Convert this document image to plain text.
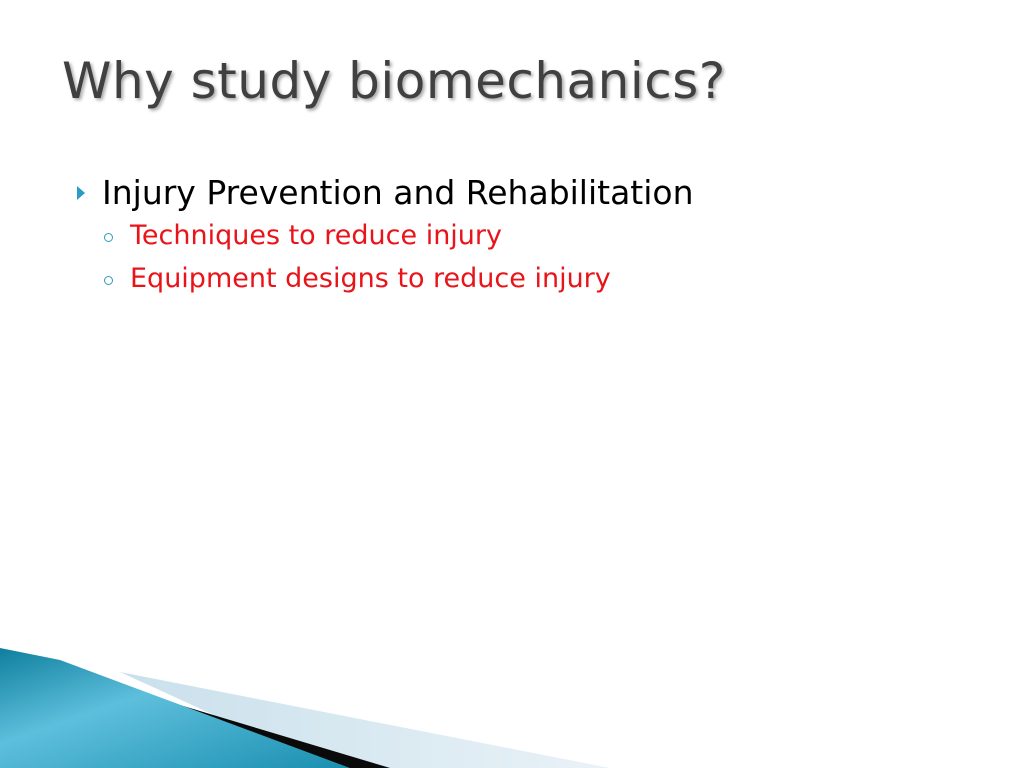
Why study biomechanics?
Injury Prevention and Rehabilitation
Techniques to reduce injury
Equipment designs to reduce injury
